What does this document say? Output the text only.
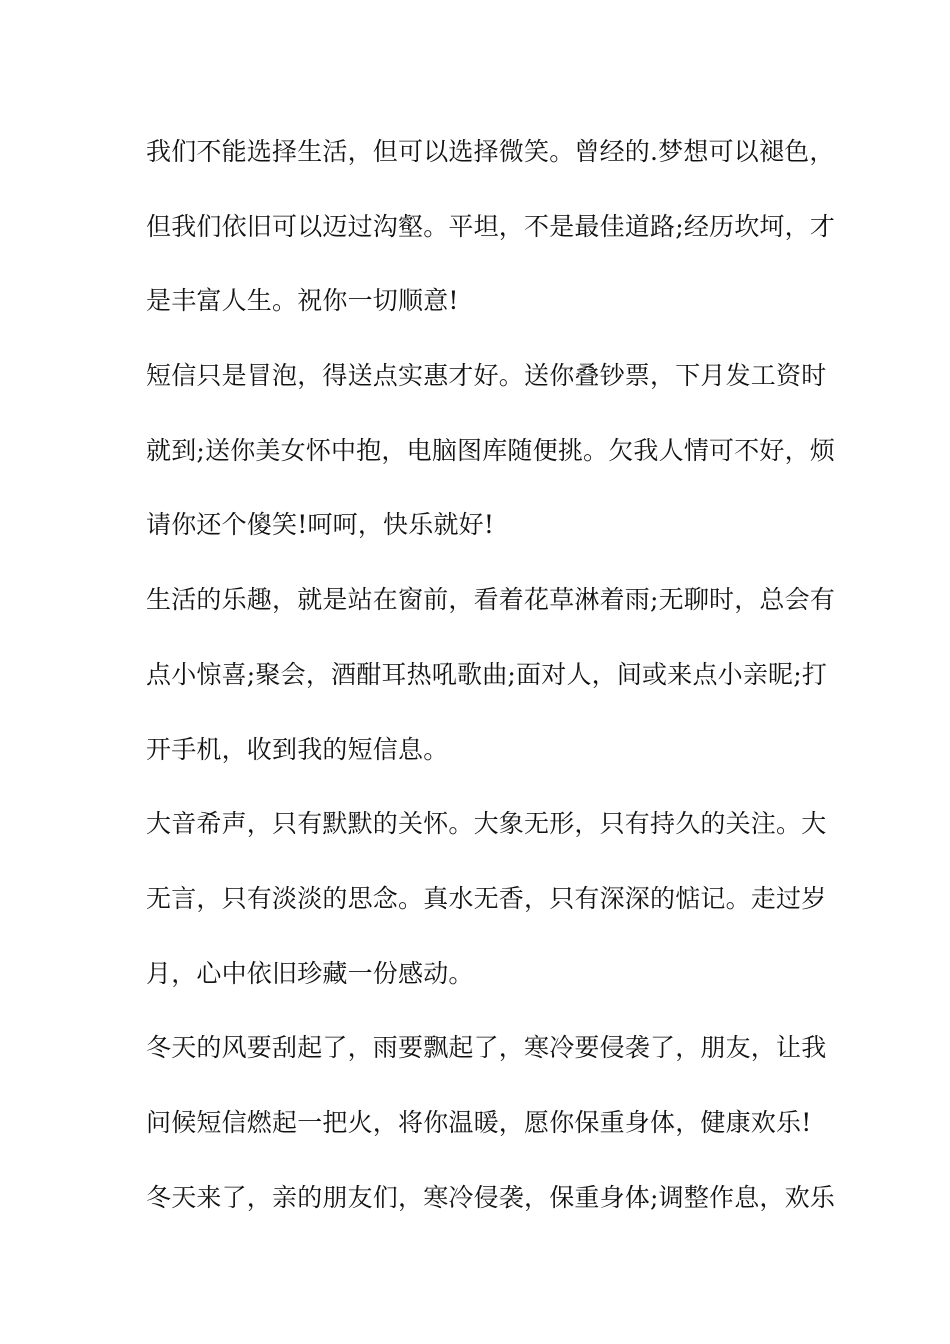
我们不能选择生活，但可以选择微笑。曾经的.梦想可以褪色，
但我们依旧可以迈过沟壑。平坦，不是最佳道路;经历坎坷，才
是丰富人生。祝你一切顺意!
短信只是冒泡，得送点实惠才好。送你叠钞票，下月发工资时
就到;送你美女怀中抱，电脑图库随便挑。欠我人情可不好，烦
请你还个傻笑!呵呵，快乐就好!
生活的乐趣，就是站在窗前，看着花草淋着雨;无聊时，总会有
点小惊喜;聚会，酒酣耳热吼歌曲;面对人，间或来点小亲昵;打
开手机，收到我的短信息。
大音希声，只有默默的关怀。大象无形，只有持久的关注。大
无言，只有淡淡的思念。真水无香，只有深深的惦记。走过岁
月，心中依旧珍藏一份感动。
冬天的风要刮起了，雨要飘起了，寒冷要侵袭了，朋友，让我
问候短信燃起一把火，将你温暖，愿你保重身体，健康欢乐!
冬天来了，亲的朋友们，寒冷侵袭，保重身体;调整作息，欢乐
